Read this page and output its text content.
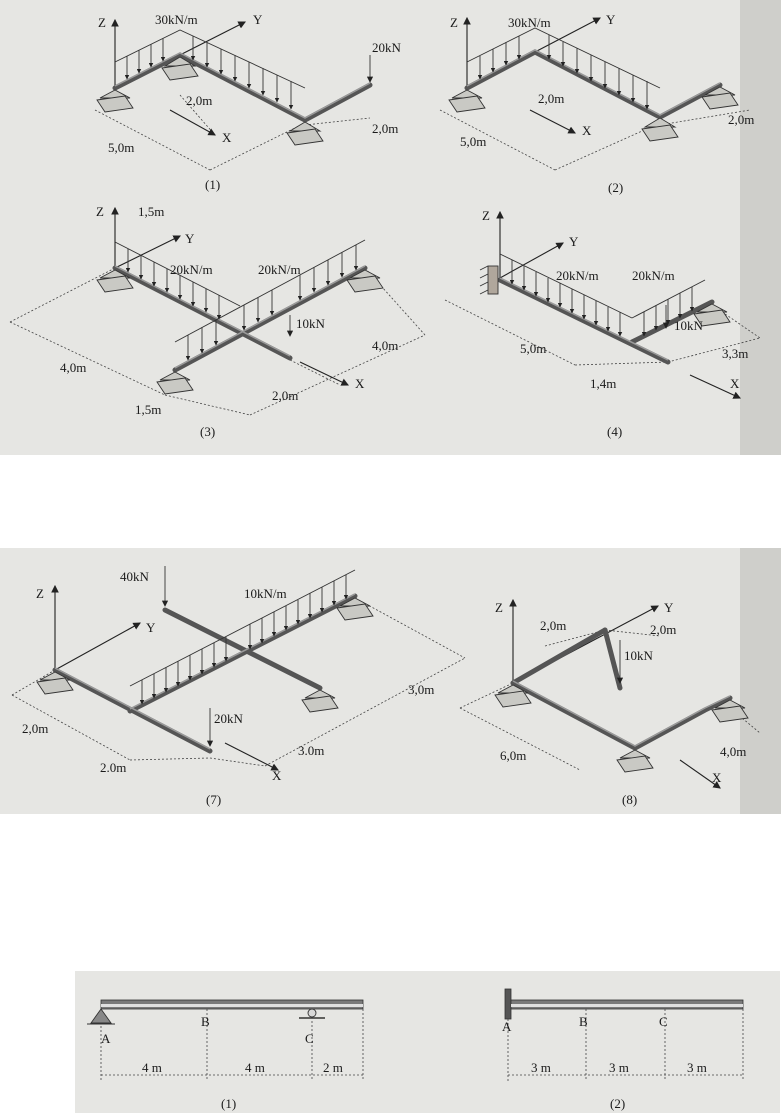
Z	Y
X
30kN/m
20kN
2,0m
2,0m
5,0m
(1)
Z	Y
X
30kN/m
2,0m
2,0m
5,0m
(2)
Z
Y
X
1,5m
20kN/m	20kN/m
10kN
4,0m
4,0m
2,0m
1,5m
(3)
Z
Y
X
20kN/m	20kN/m
10kN
5,0m
1,4m
3,3m
(4)
Z
Y
X
40kN
10kN/m
20kN
2,0m
2.0m
3.0m
3,0m
(7)
Z	Y
X
2,0m	2,0m
10kN
6,0m	4,0m
(8)
A
B
C
4 m	4 m	2 m
(1)
A	B	C
3 m	3 m	3 m
(2)
